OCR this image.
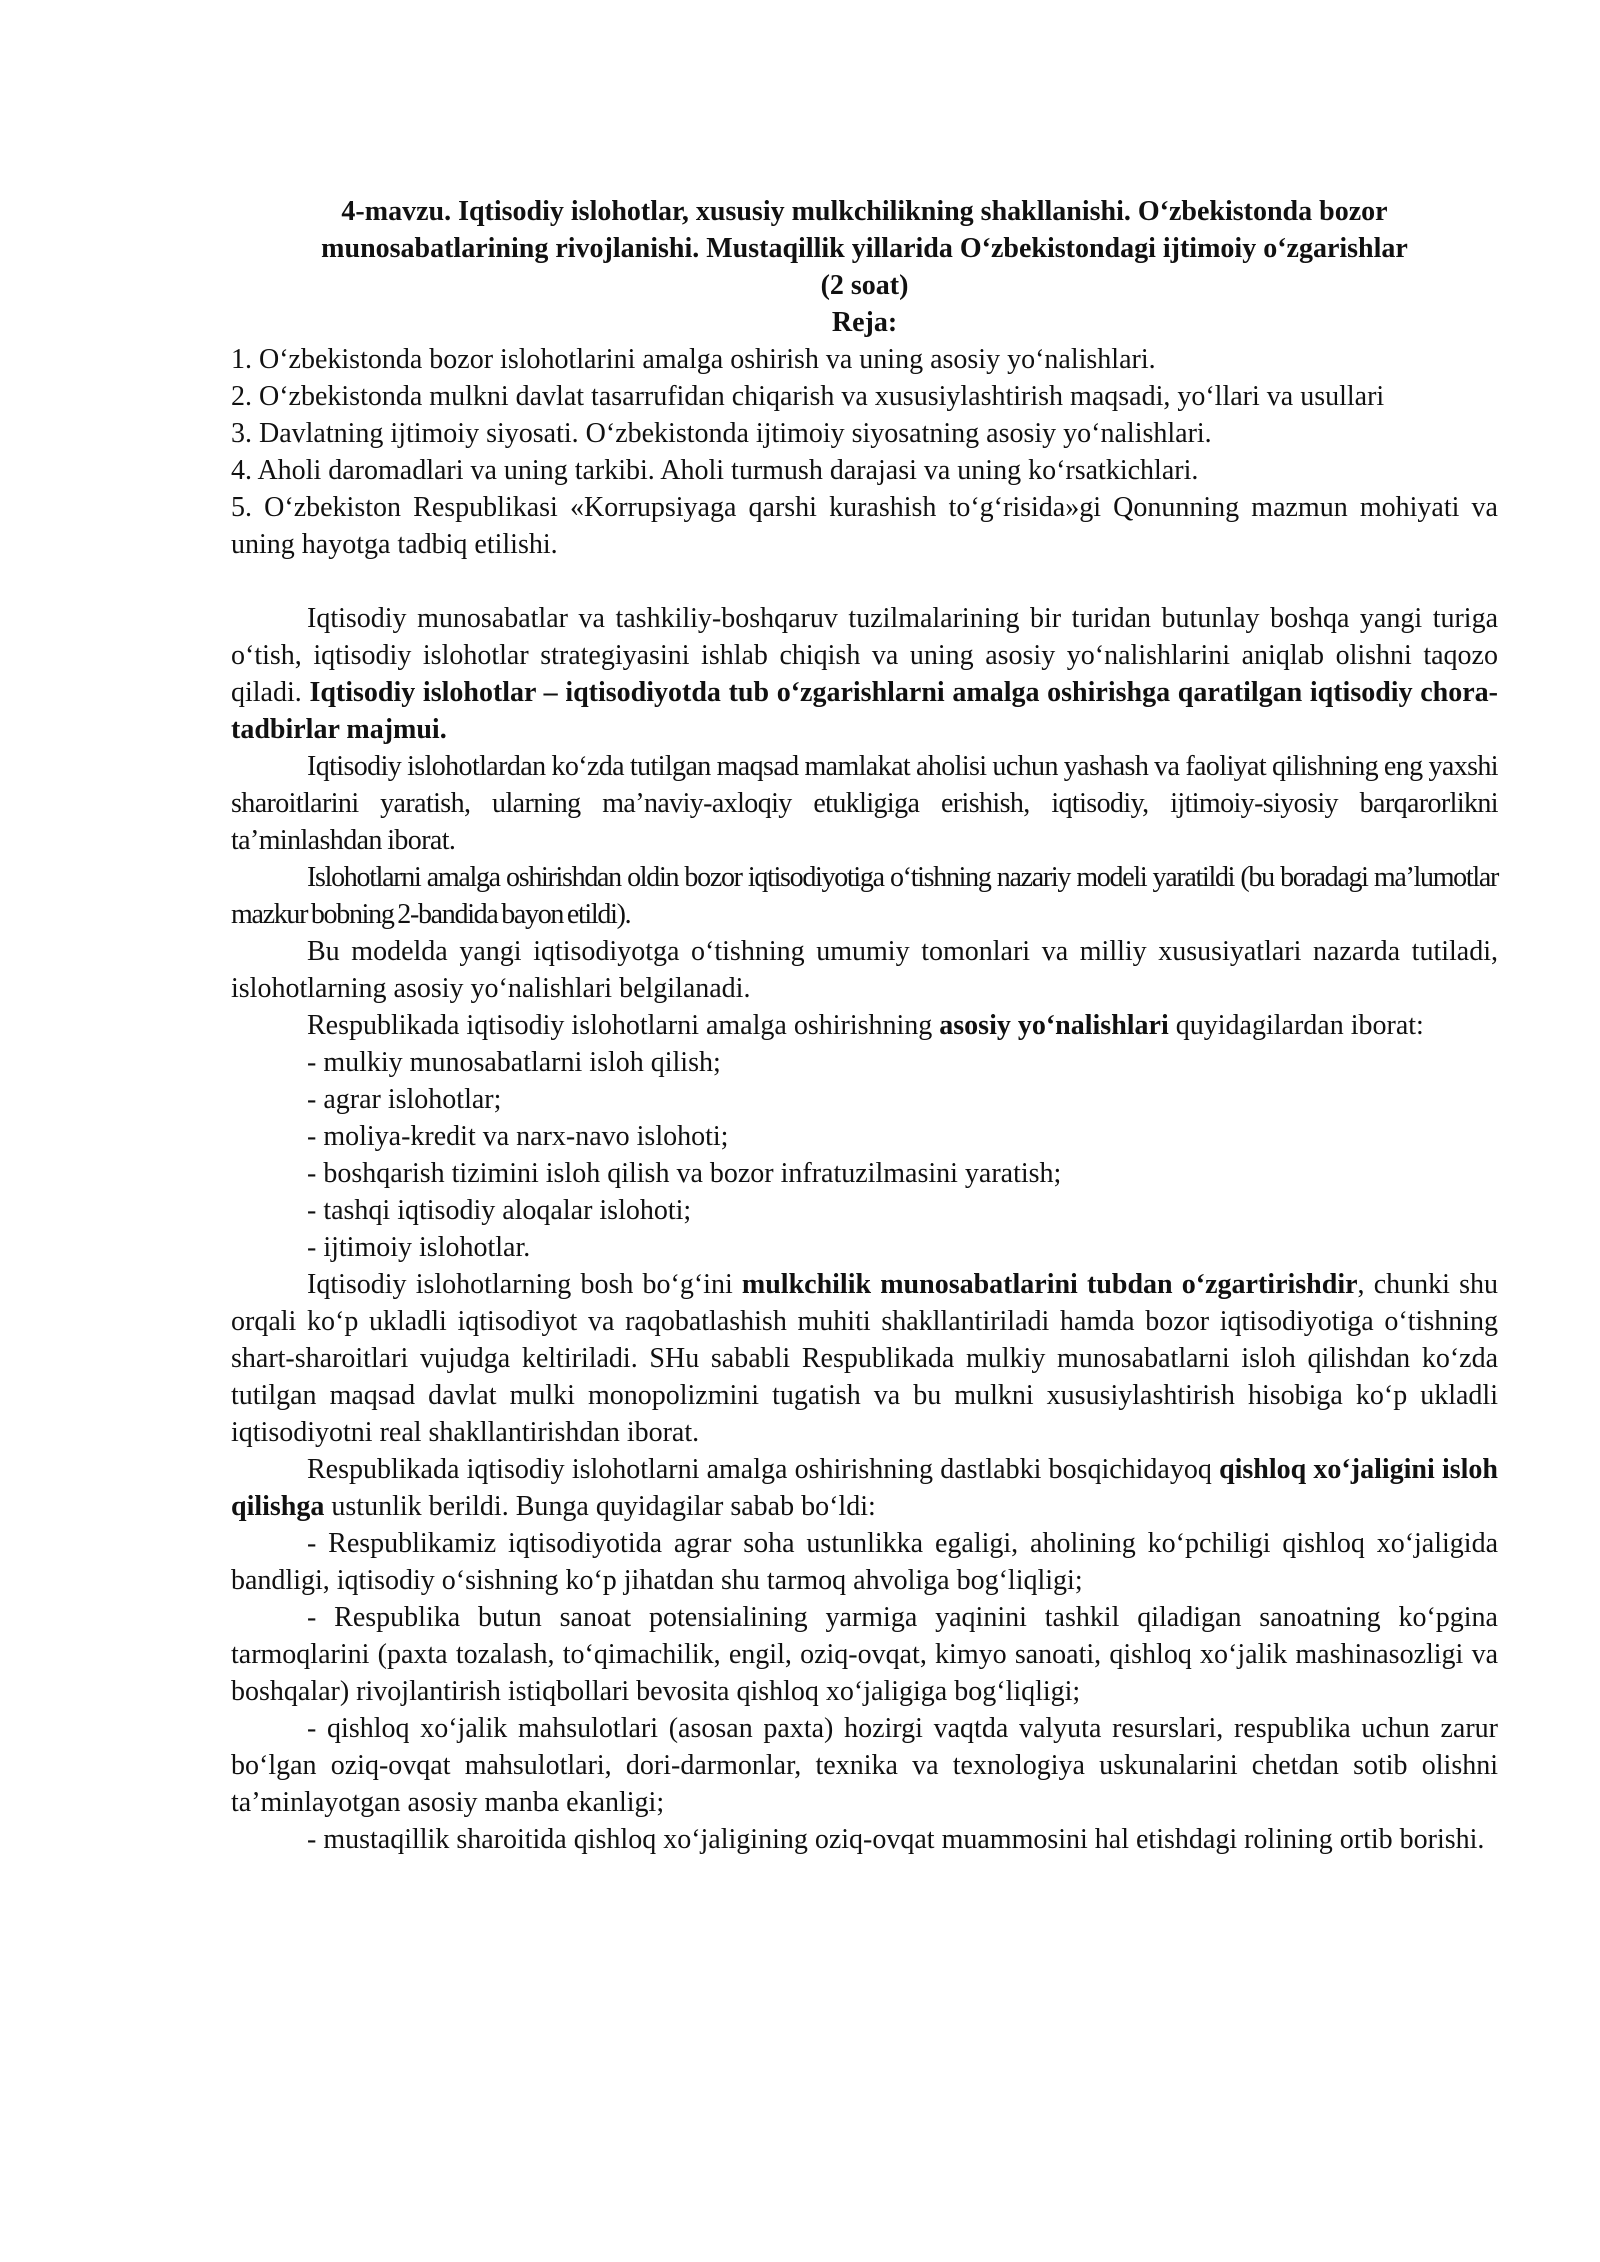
4-mavzu. Iqtisodiy islohotlar, xususiy mulkchilikning shakllanishi. O‘zbekistonda bozor
munosabatlarining rivojlanishi. Mustaqillik yillarida O‘zbekistondagi ijtimoiy o‘zgarishlar
(2 soat)

Reja:

1. O‘zbekistonda bozor islohotlarini amalga oshirish va uning asosiy yo‘nalishlari.
2. O‘zbekistonda mulkni davlat tasarrufidan chiqarish va xususiylashtirish maqsadi, yo‘llari va usullari
3. Davlatning ijtimoiy siyosati. O‘zbekistonda ijtimoiy siyosatning asosiy yo‘nalishlari.
4. Aholi daromadlari va uning tarkibi. Aholi turmush darajasi va uning ko‘rsatkichlari.
5. O‘zbekiston Respublikasi «Korrupsiyaga qarshi kurashish to‘g‘risida»gi Qonunning mazmun mohiyati va uning hayotga tadbiq etilishi.

Iqtisodiy munosabatlar va tashkiliy-boshqaruv tuzilmalarining bir turidan butunlay boshqa yangi turiga o‘tish, iqtisodiy islohotlar strategiyasini ishlab chiqish va uning asosiy yo‘nalishlarini aniqlab olishni taqozo qiladi. Iqtisodiy islohotlar – iqtisodiyotda tub o‘zgarishlarni amalga oshirishga qaratilgan iqtisodiy chora-tadbirlar majmui.

Iqtisodiy islohotlardan ko‘zda tutilgan maqsad mamlakat aholisi uchun yashash va faoliyat qilishning eng yaxshi sharoitlarini yaratish, ularning ma’naviy-axloqiy etukligiga erishish, iqtisodiy, ijtimoiy-siyosiy barqarorlikni ta’minlashdan iborat.

Islohotlarni amalga oshirishdan oldin bozor iqtisodiyotiga o‘tishning nazariy modeli yaratildi (bu boradagi ma’lumotlar mazkur bobning 2-bandida bayon etildi).

Bu modelda yangi iqtisodiyotga o‘tishning umumiy tomonlari va milliy xususiyatlari nazarda tutiladi, islohotlarning asosiy yo‘nalishlari belgilanadi.

Respublikada iqtisodiy islohotlarni amalga oshirishning asosiy yo‘nalishlari quyidagilardan iborat:

- mulkiy munosabatlarni isloh qilish;
- agrar islohotlar;
- moliya-kredit va narx-navo islohoti;
- boshqarish tizimini isloh qilish va bozor infratuzilmasini yaratish;
- tashqi iqtisodiy aloqalar islohoti;
- ijtimoiy islohotlar.

Iqtisodiy islohotlarning bosh bo‘g‘ini mulkchilik munosabatlarini tubdan o‘zgartirishdir, chunki shu orqali ko‘p ukladli iqtisodiyot va raqobatlashish muhiti shakllantiriladi hamda bozor iqtisodiyotiga o‘tishning shart-sharoitlari vujudga keltiriladi. SHu sababli Respublikada mulkiy munosabatlarni isloh qilishdan ko‘zda tutilgan maqsad davlat mulki monopolizmini tugatish va bu mulkni xususiylashtirish hisobiga ko‘p ukladli iqtisodiyotni real shakllantirishdan iborat.

Respublikada iqtisodiy islohotlarni amalga oshirishning dastlabki bosqichidayoq qishloq xo‘jaligini isloh qilishga ustunlik berildi. Bunga quyidagilar sabab bo‘ldi:

- Respublikamiz iqtisodiyotida agrar soha ustunlikka egaligi, aholining ko‘pchiligi qishloq xo‘jaligida bandligi, iqtisodiy o‘sishning ko‘p jihatdan shu tarmoq ahvoliga bog‘liqligi;

- Respublika butun sanoat potensialining yarmiga yaqinini tashkil qiladigan sanoatning ko‘pgina tarmoqlarini (paxta tozalash, to‘qimachilik, engil, oziq-ovqat, kimyo sanoati, qishloq xo‘jalik mashinasozligi va boshqalar) rivojlantirish istiqbollari bevosita qishloq xo‘jaligiga bog‘liqligi;

- qishloq xo‘jalik mahsulotlari (asosan paxta) hozirgi vaqtda valyuta resurslari, respublika uchun zarur bo‘lgan oziq-ovqat mahsulotlari, dori-darmonlar, texnika va texnologiya uskunalarini chetdan sotib olishni ta’minlayotgan asosiy manba ekanligi;

- mustaqillik sharoitida qishloq xo‘jaligining oziq-ovqat muammosini hal etishdagi rolining ortib borishi.
